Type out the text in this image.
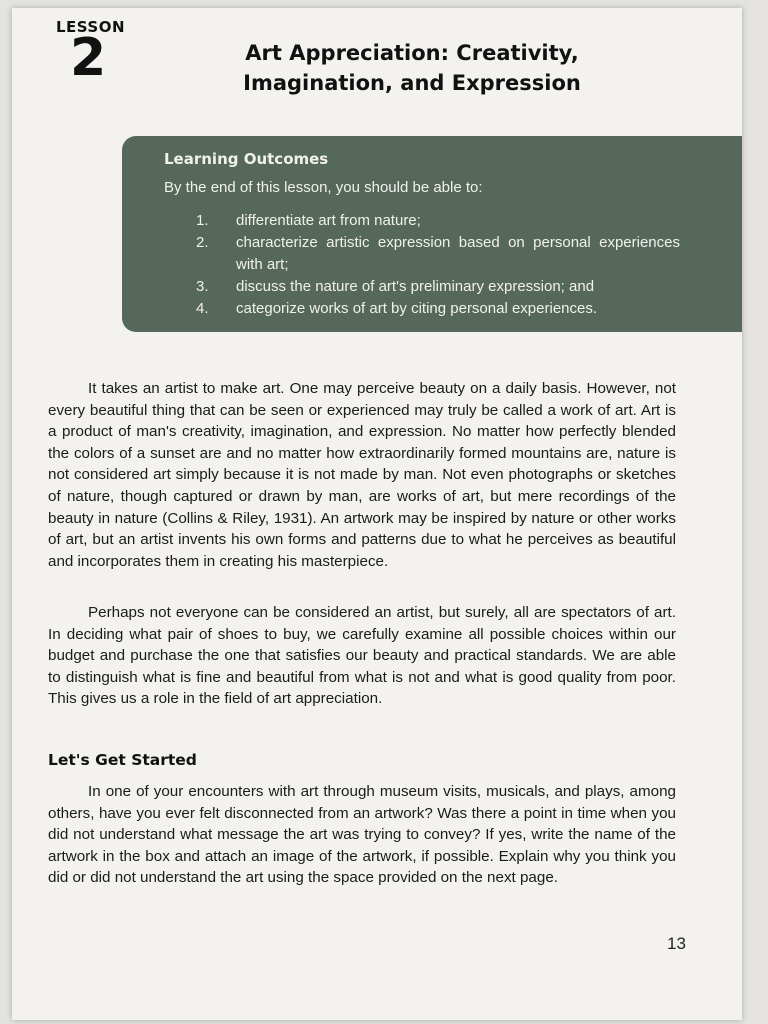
LESSON
2	Art Appreciation: Creativity,
Imagination, and Expression
Learning Outcomes
By the end of this lesson, you should be able to:
1.	differentiate art from nature;
2.	characterize artistic expression based on personal experiences with art;
3.	discuss the nature of art's preliminary expression; and
4.	categorize works of art by citing personal experiences.

It takes an artist to make art. One may perceive beauty on a daily basis. However, not every beautiful thing that can be seen or experienced may truly be called a work of art. Art is a product of man's creativity, imagination, and expression. No matter how perfectly blended the colors of a sunset are and no matter how extraordinarily formed mountains are, nature is not considered art simply because it is not made by man. Not even photographs or sketches of nature, though captured or drawn by man, are works of art, but mere recordings of the beauty in nature (Collins & Riley, 1931). An artwork may be inspired by nature or other works of art, but an artist invents his own forms and patterns due to what he perceives as beautiful and incorporates them in creating his masterpiece.

Perhaps not everyone can be considered an artist, but surely, all are spectators of art. In deciding what pair of shoes to buy, we carefully examine all possible choices within our budget and purchase the one that satisfies our beauty and practical standards. We are able to distinguish what is fine and beautiful from what is not and what is good quality from poor. This gives us a role in the field of art appreciation.

Let's Get Started

In one of your encounters with art through museum visits, musicals, and plays, among others, have you ever felt disconnected from an artwork? Was there a point in time when you did not understand what message the art was trying to convey? If yes, write the name of the artwork in the box and attach an image of the artwork, if possible. Explain why you think you did or did not understand the art using the space provided on the next page.

13
